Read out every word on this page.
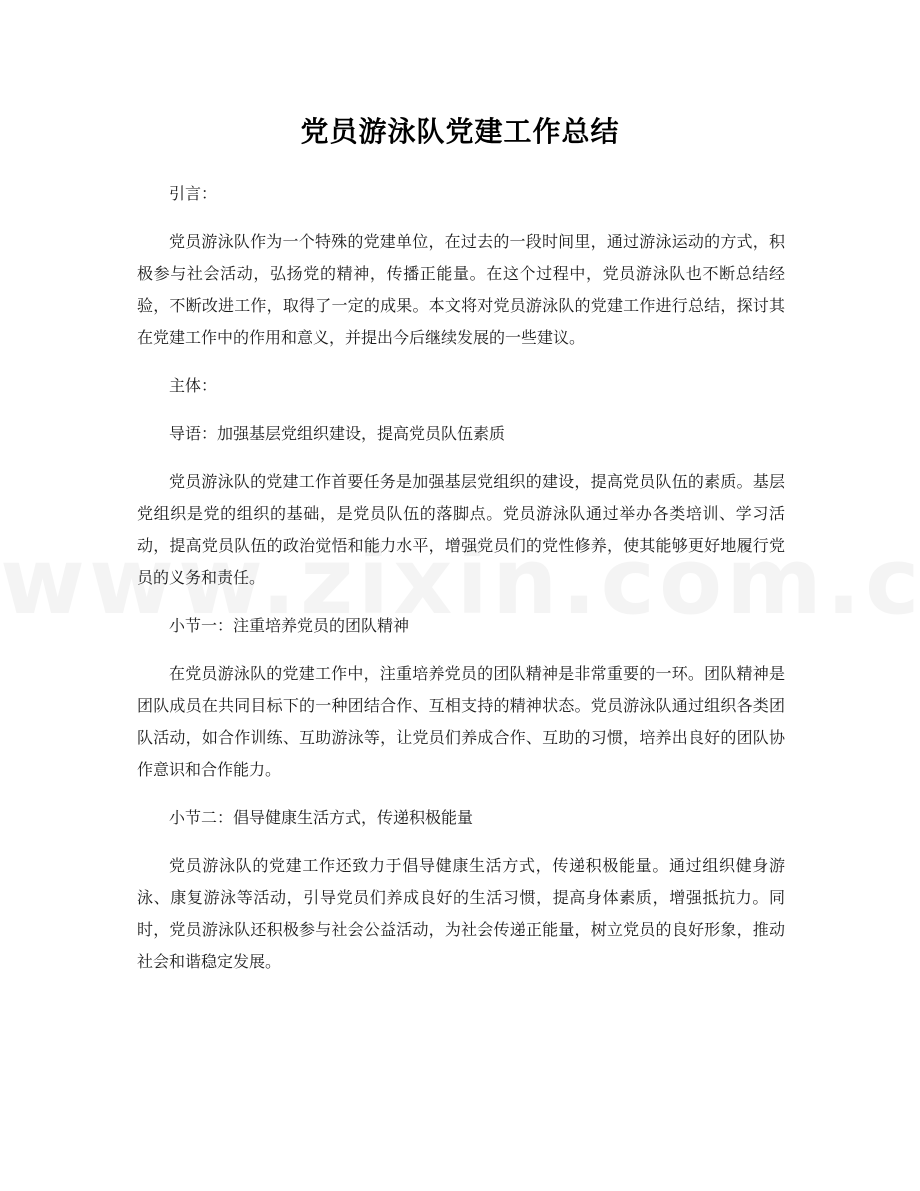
党员游泳队党建工作总结

引言：

党员游泳队作为一个特殊的党建单位，在过去的一段时间里，通过游泳运动的方式，积极参与社会活动，弘扬党的精神，传播正能量。在这个过程中，党员游泳队也不断总结经验，不断改进工作，取得了一定的成果。本文将对党员游泳队的党建工作进行总结，探讨其在党建工作中的作用和意义，并提出今后继续发展的一些建议。

主体：

导语：加强基层党组织建设，提高党员队伍素质

党员游泳队的党建工作首要任务是加强基层党组织的建设，提高党员队伍的素质。基层党组织是党的组织的基础，是党员队伍的落脚点。党员游泳队通过举办各类培训、学习活动，提高党员队伍的政治觉悟和能力水平，增强党员们的党性修养，使其能够更好地履行党员的义务和责任。

小节一：注重培养党员的团队精神

在党员游泳队的党建工作中，注重培养党员的团队精神是非常重要的一环。团队精神是团队成员在共同目标下的一种团结合作、互相支持的精神状态。党员游泳队通过组织各类团队活动，如合作训练、互助游泳等，让党员们养成合作、互助的习惯，培养出良好的团队协作意识和合作能力。

小节二：倡导健康生活方式，传递积极能量

党员游泳队的党建工作还致力于倡导健康生活方式，传递积极能量。通过组织健身游泳、康复游泳等活动，引导党员们养成良好的生活习惯，提高身体素质，增强抵抗力。同时，党员游泳队还积极参与社会公益活动，为社会传递正能量，树立党员的良好形象，推动社会和谐稳定发展。
